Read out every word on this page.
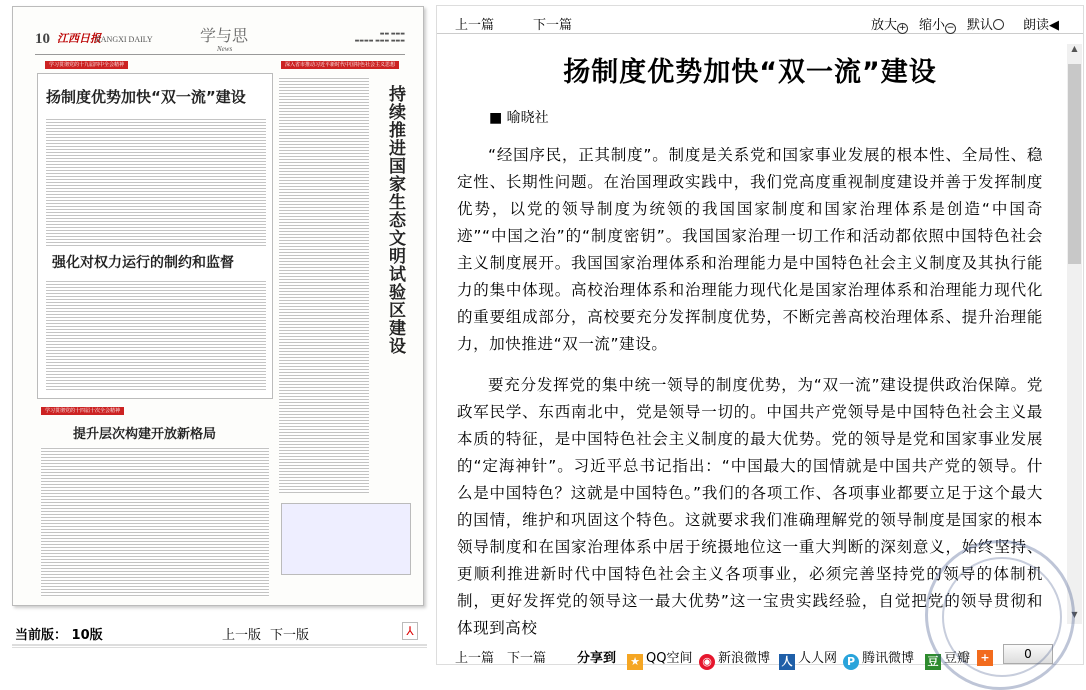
10 江西日报
JIANGXI DAILY	学与思
News
▬▬ ▬▬▬
▬▬▬▬ ▬▬▬ ▬▬▬
学习贯彻党的十九届四中全会精神	深入省市推动习近平新时代中国特色社会主义思想
扬制度优势加快“双一流”建设
强化对权力运行的制约和监督	持续推进国家生态文明试验区建设
学习贯彻党的十四届十次全会精神
提升层次构建开放新格局
当前版： 10版	上一版 下一版	⅄
上一篇	下一篇	放大 + 缩小 − 默认	朗读◀︎
扬制度优势加快“双一流”建设
■ 喻晓社

“经国序民，正其制度”。制度是关系党和国家事业发展的根本性、全局性、稳定性、长期性问题。在治国理政实践中，我们党高度重视制度建设并善于发挥制度优势，以党的领导制度为统领的我国国家制度和国家治理体系是创造“中国奇迹”“中国之治”的“制度密钥”。我国国家治理一切工作和活动都依照中国特色社会主义制度展开。我国国家治理体系和治理能力是中国特色社会主义制度及其执行能力的集中体现。高校治理体系和治理能力现代化是国家治理体系和治理能力现代化的重要组成部分，高校要充分发挥制度优势，不断完善高校治理体系、提升治理能力，加快推进“双一流”建设。

要充分发挥党的集中统一领导的制度优势，为“双一流”建设提供政治保障。党政军民学、东西南北中，党是领导一切的。中国共产党领导是中国特色社会主义最本质的特征，是中国特色社会主义制度的最大优势。党的领导是党和国家事业发展的“定海神针”。习近平总书记指出：“中国最大的国情就是中国共产党的领导。什么是中国特色？这就是中国特色。”我们的各项工作、各项事业都要立足于这个最大的国情，维护和巩固这个特色。这就要求我们准确理解党的领导制度是国家的根本领导制度和在国家治理体系中居于统摄地位这一重大判断的深刻意义，始终坚持、更顺利推进新时代中国特色社会主义各项事业，必须完善坚持党的领导的体制机制，更好发挥党的领导这一最大优势”这一宝贵实践经验，自觉把党的领导贯彻和体现到高校

▲
▼
上一篇 下一篇 分享到 ★ QQ空间 ◉ 新浪微博 人 人人网 P 腾讯微博 豆 豆瓣 +	0
